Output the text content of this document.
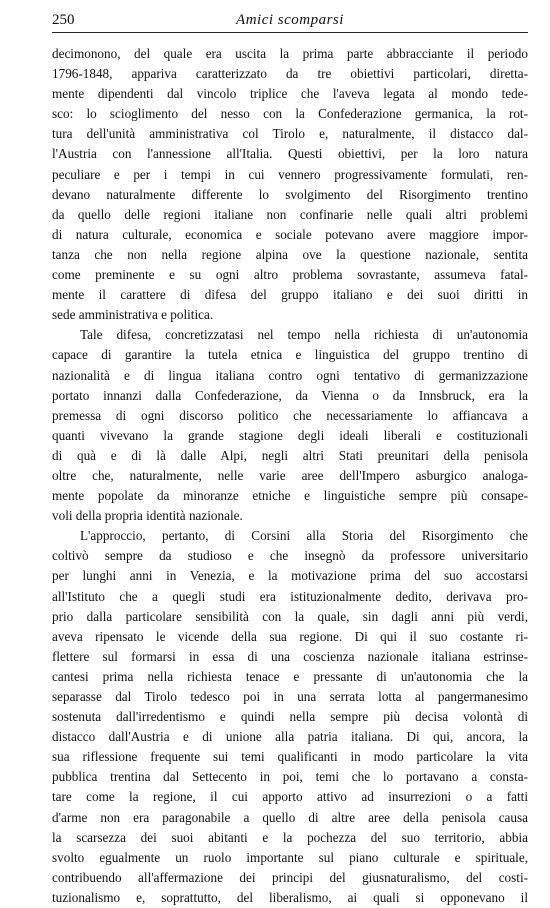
250	Amici scomparsi
decimonono, del quale era uscita la prima parte abbracciante il periodo
1796-1848, appariva caratterizzato da tre obiettivi particolari, diretta-
mente dipendenti dal vincolo triplice che l'aveva legata al mondo tede-
sco: lo scioglimento del nesso con la Confederazione germanica, la rot-
tura dell'unità amministrativa col Tirolo e, naturalmente, il distacco dal-
l'Austria con l'annessione all'Italia. Questi obiettivi, per la loro natura
peculiare e per i tempi in cui vennero progressivamente formulati, ren-
devano naturalmente differente lo svolgimento del Risorgimento trentino
da quello delle regioni italiane non confinarie nelle quali altri problemi
di natura culturale, economica e sociale potevano avere maggiore impor-
tanza che non nella regione alpina ove la questione nazionale, sentita
come preminente e su ogni altro problema sovrastante, assumeva fatal-
mente il carattere di difesa del gruppo italiano e dei suoi diritti in
sede amministrativa e politica.
Tale difesa, concretizzatasi nel tempo nella richiesta di un'autonomia
capace di garantire la tutela etnica e linguistica del gruppo trentino di
nazionalità e di lingua italiana contro ogni tentativo di germanizzazione
portato innanzi dalla Confederazione, da Vienna o da Innsbruck, era la
premessa di ogni discorso politico che necessariamente lo affiancava a
quanti vivevano la grande stagione degli ideali liberali e costituzionali
di quà e di là dalle Alpi, negli altri Stati preunitari della penisola
oltre che, naturalmente, nelle varie aree dell'Impero asburgico analoga-
mente popolate da minoranze etniche e linguistiche sempre più consape-
voli della propria identità nazionale.
L'approccio, pertanto, di Corsini alla Storia del Risorgimento che
coltivò sempre da studioso e che insegnò da professore universitario
per lunghi anni in Venezia, e la motivazione prima del suo accostarsi
all'Istituto che a quegli studi era istituzionalmente dedito, derivava pro-
prio dalla particolare sensibilità con la quale, sin dagli anni più verdi,
aveva ripensato le vicende della sua regione. Di qui il suo costante ri-
flettere sul formarsi in essa di una coscienza nazionale italiana estrinse-
cantesi prima nella richiesta tenace e pressante di un'autonomia che la
separasse dal Tirolo tedesco poi in una serrata lotta al pangermanesimo
sostenuta dall'irredentismo e quindi nella sempre più decisa volontà di
distacco dall'Austria e di unione alla patria italiana. Di qui, ancora, la
sua riflessione frequente sui temi qualificanti in modo particolare la vita
pubblica trentina dal Settecento in poi, temi che lo portavano a consta-
tare come la regione, il cui apporto attivo ad insurrezioni o a fatti
d'arme non era paragonabile a quello di altre aree della penisola causa
la scarsezza dei suoi abitanti e la pochezza del suo territorio, abbia
svolto egualmente un ruolo importante sul piano culturale e spirituale,
contribuendo all'affermazione dei principi del giusnaturalismo, del costi-
tuzionalismo e, soprattutto, del liberalismo, ai quali si opponevano il
